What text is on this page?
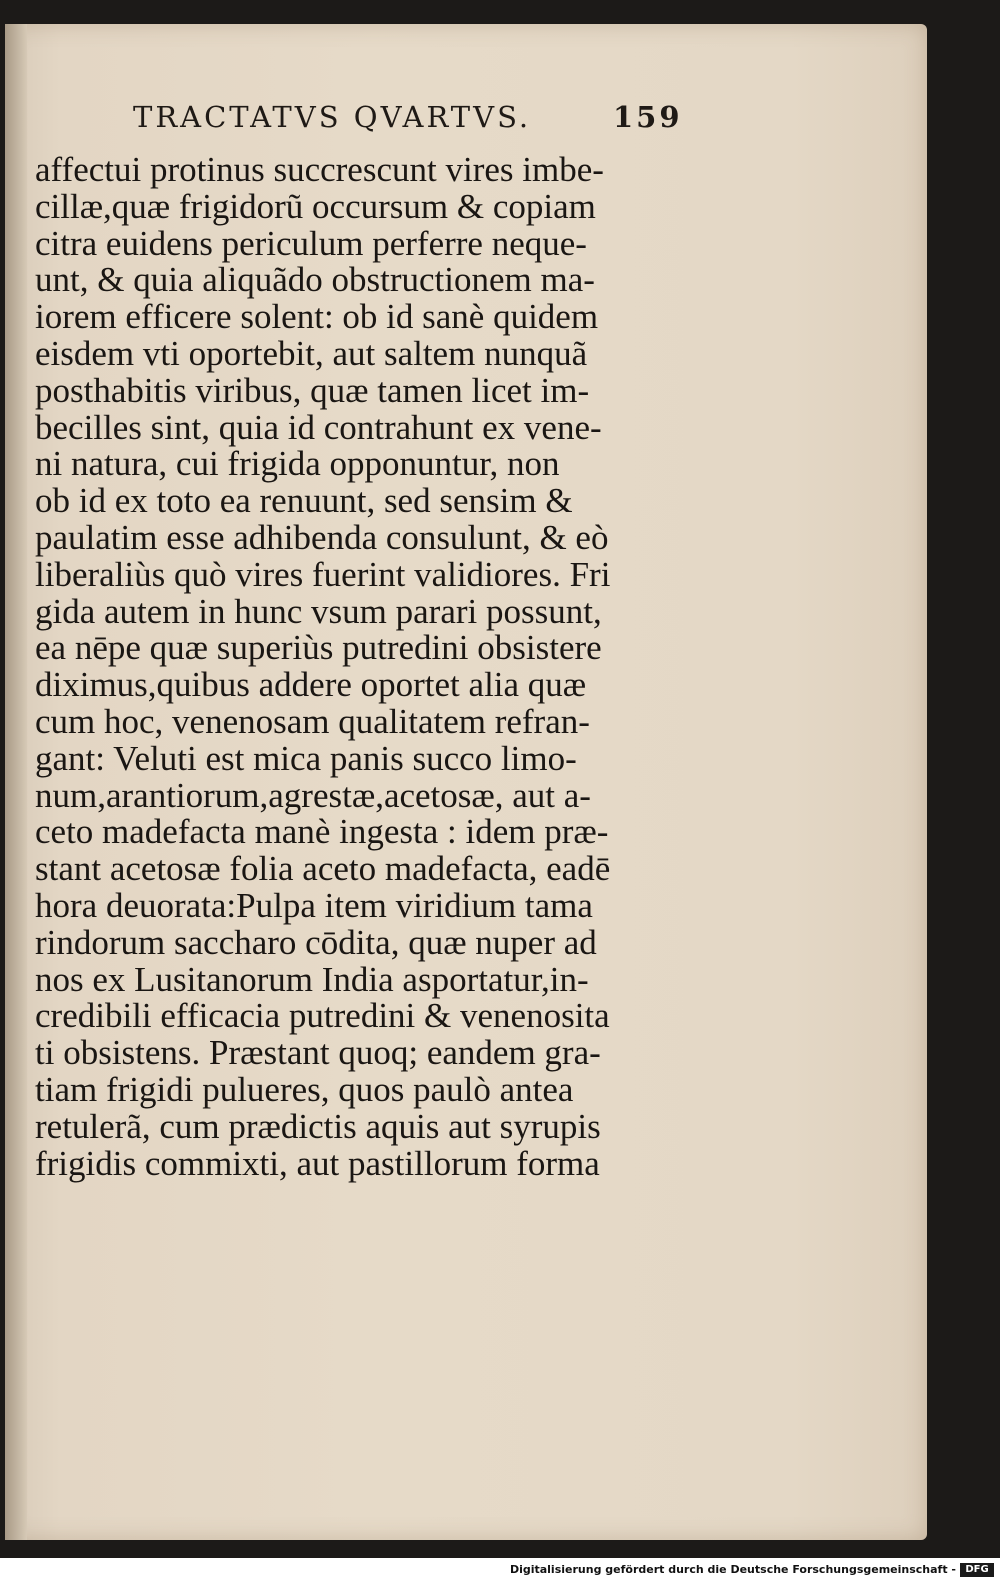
TRACTATVS QVARTVS.	159
affectui protinus succrescunt vires imbe-
cillæ,quæ frigidorũ occursum & copiam
citra euidens periculum perferre neque-
unt, & quia aliquãdo obstructionem ma-
iorem efficere solent: ob id sanè quidem
eisdem vti oportebit, aut saltem nunquã
posthabitis viribus, quæ tamen licet im-
becilles sint, quia id contrahunt ex vene-
ni natura, cui frigida opponuntur, non
ob id ex toto ea renuunt, sed sensim &
paulatim esse adhibenda consulunt, & eò
liberaliùs quò vires fuerint validiores. Fri
gida autem in hunc vsum parari possunt,
ea nēpe quæ superiùs putredini obsistere
diximus,quibus addere oportet alia quæ
cum hoc, venenosam qualitatem refran-
gant: Veluti est mica panis succo limo-
num,arantiorum,agrestæ,acetosæ, aut a-
ceto madefacta manè ingesta : idem præ-
stant acetosæ folia aceto madefacta, eadē
hora deuorata:Pulpa item viridium tama
rindorum sacchаro cōdita, quæ nuper ad
nos ex Lusitanorum India asportatur,in-
credibili efficacia putredini & venenosita
ti obsistens. Præstant quoq; eandem gra-
tiam frigidi pulueres, quos paulò antea
retulerã, cum prædictis aquis aut syrupis
frigidis commixti, aut pastillorum forma
Digitalisierung gefördert durch die Deutsche Forschungsgemeinschaft - DFG
